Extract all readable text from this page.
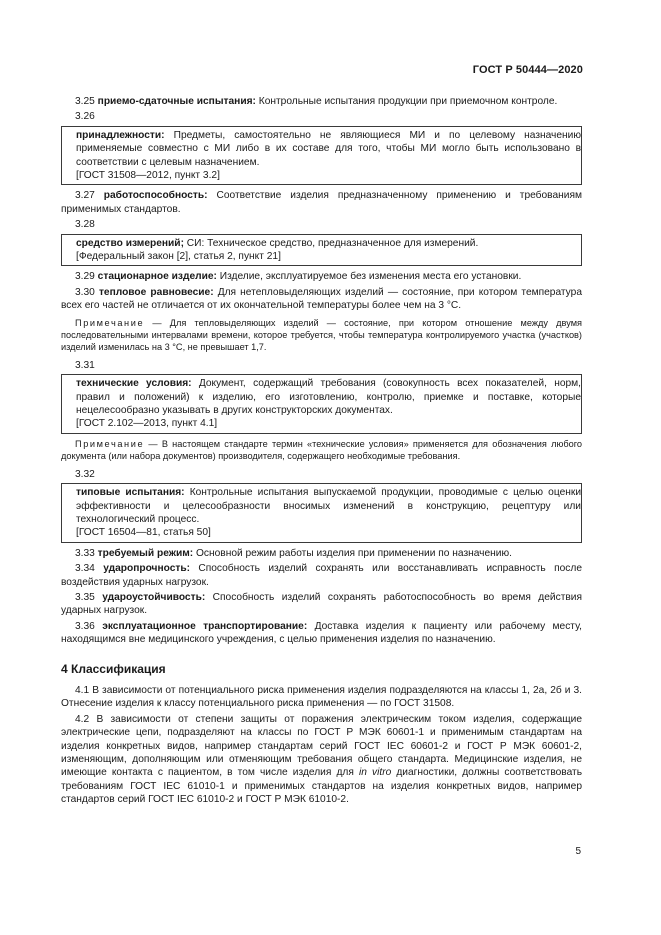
ГОСТ Р 50444—2020

3.25 приемо-сдаточные испытания: Контрольные испытания продукции при приемочном контроле.

3.26

принадлежности: Предметы, самостоятельно не являющиеся МИ и по целевому назначению применяемые совместно с МИ либо в их составе для того, чтобы МИ могло быть использовано в соответствии с целевым назначением.

[ГОСТ 31508—2012, пункт 3.2]

3.27 работоспособность: Соответствие изделия предназначенному применению и требованиям применимых стандартов.

3.28

средство измерений; СИ: Техническое средство, предназначенное для измерений.

[Федеральный закон [2], статья 2, пункт 21]

3.29 стационарное изделие: Изделие, эксплуатируемое без изменения места его установки.

3.30 тепловое равновесие: Для нетепловыделяющих изделий — состояние, при котором температура всех его частей не отличается от их окончательной температуры более чем на 3 °С.

Примечание — Для тепловыделяющих изделий — состояние, при котором отношение между двумя последовательными интервалами времени, которое требуется, чтобы температура контролируемого участка (участков) изделий изменилась на 3 °С, не превышает 1,7.

3.31

технические условия: Документ, содержащий требования (совокупность всех показателей, норм, правил и положений) к изделию, его изготовлению, контролю, приемке и поставке, которые нецелесообразно указывать в других конструкторских документах.

[ГОСТ 2.102—2013, пункт 4.1]

Примечание — В настоящем стандарте термин «технические условия» применяется для обозначения любого документа (или набора документов) производителя, содержащего необходимые требования.

3.32

типовые испытания: Контрольные испытания выпускаемой продукции, проводимые с целью оценки эффективности и целесообразности вносимых изменений в конструкцию, рецептуру или технологический процесс.

[ГОСТ 16504—81, статья 50]

3.33 требуемый режим: Основной режим работы изделия при применении по назначению.

3.34 ударопрочность: Способность изделий сохранять или восстанавливать исправность после воздействия ударных нагрузок.

3.35 удароустойчивость: Способность изделий сохранять работоспособность во время действия ударных нагрузок.

3.36 эксплуатационное транспортирование: Доставка изделия к пациенту или рабочему месту, находящимся вне медицинского учреждения, с целью применения изделия по назначению.

4 Классификация

4.1 В зависимости от потенциального риска применения изделия подразделяются на классы 1, 2а, 2б и 3. Отнесение изделия к классу потенциального риска применения — по ГОСТ 31508.

4.2 В зависимости от степени защиты от поражения электрическим током изделия, содержащие электрические цепи, подразделяют на классы по ГОСТ Р МЭК 60601-1 и применимым стандартам на изделия конкретных видов, например стандартам серий ГОСТ IEC 60601-2 и ГОСТ Р МЭК 60601-2, изменяющим, дополняющим или отменяющим требования общего стандарта. Медицинские изделия, не имеющие контакта с пациентом, в том числе изделия для in vitro диагностики, должны соответствовать требованиям ГОСТ IEC 61010-1 и применимых стандартов на изделия конкретных видов, например стандартов серий ГОСТ IEC 61010-2 и ГОСТ Р МЭК 61010-2.

5
